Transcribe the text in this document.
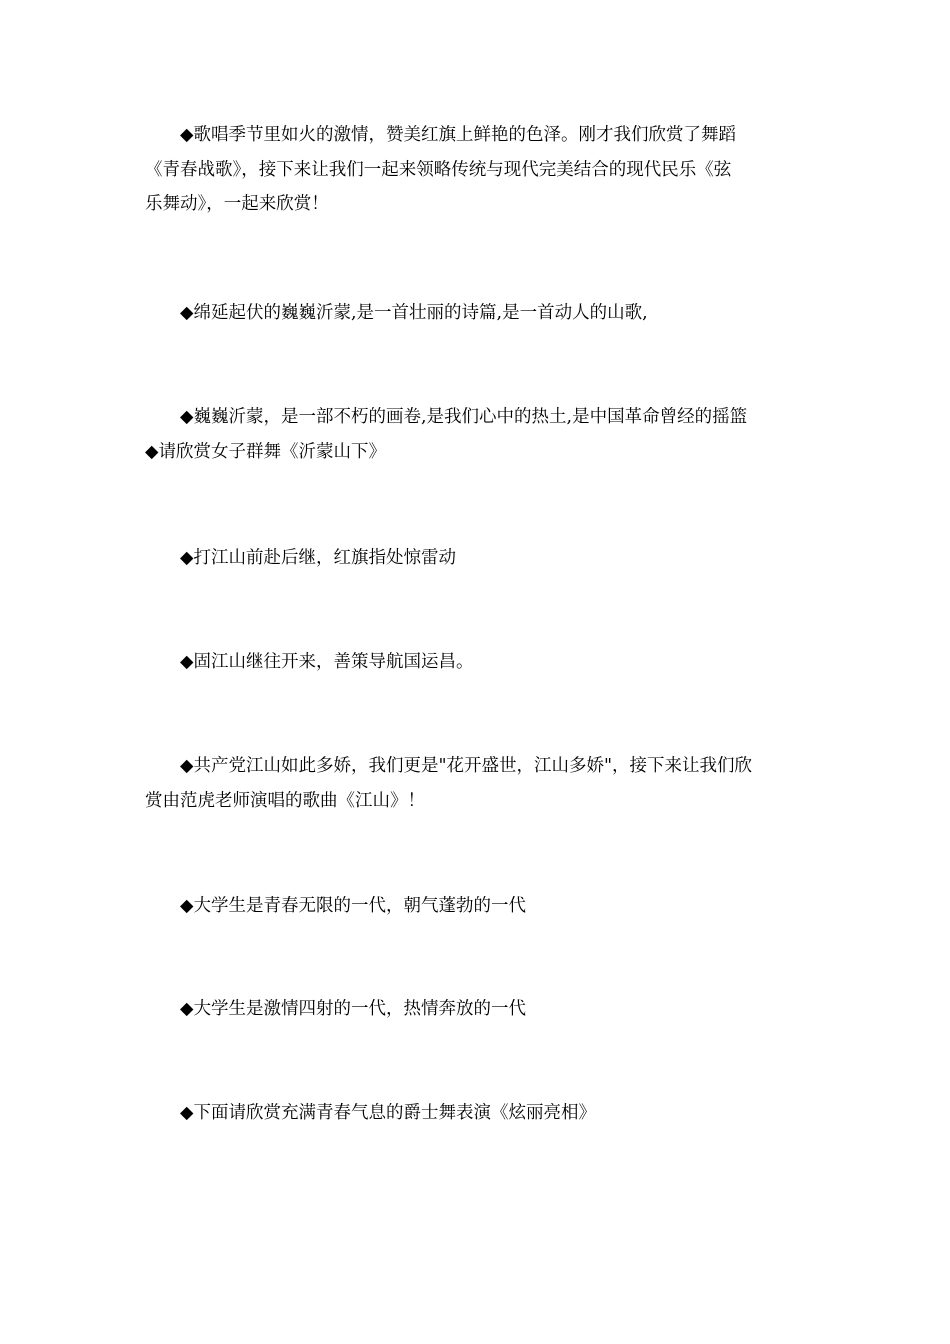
◆歌唱季节里如火的激情，赞美红旗上鲜艳的色泽。刚才我们欣赏了舞蹈
《青春战歌》，接下来让我们一起来领略传统与现代完美结合的现代民乐《弦
乐舞动》，一起来欣赏！
◆绵延起伏的巍巍沂蒙,是一首壮丽的诗篇,是一首动人的山歌,
◆巍巍沂蒙，是一部不朽的画卷,是我们心中的热土,是中国革命曾经的摇篮
◆请欣赏女子群舞《沂蒙山下》
◆打江山前赴后继，红旗指处惊雷动
◆固江山继往开来，善策导航国运昌。
◆共产党江山如此多娇，我们更是"花开盛世，江山多娇"，接下来让我们欣
赏由范虎老师演唱的歌曲《江山》！
◆大学生是青春无限的一代，朝气蓬勃的一代
◆大学生是激情四射的一代，热情奔放的一代
◆下面请欣赏充满青春气息的爵士舞表演《炫丽亮相》
